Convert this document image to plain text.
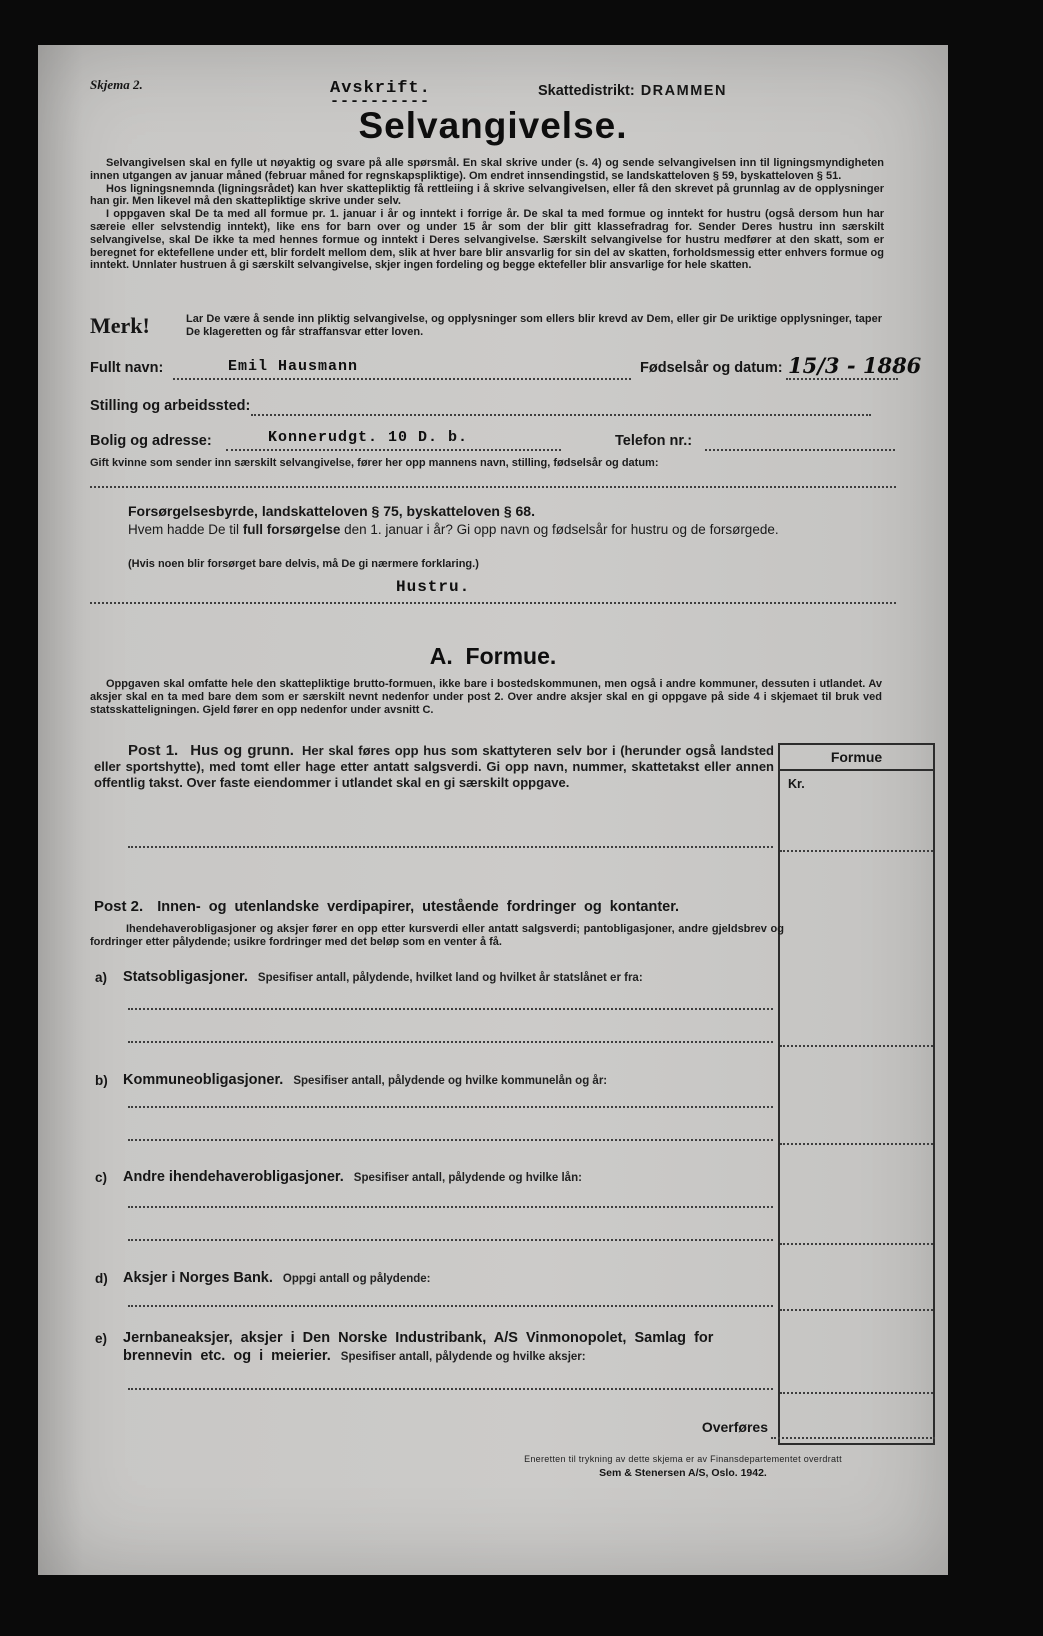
Skjema 2.	Avskrift.
----------
Skattedistrikt: DRAMMEN
Selvangivelse.

Selvangivelsen skal en fylle ut nøyaktig og svare på alle spørsmål. En skal skrive under (s. 4) og sende selvangivelsen inn til ligningsmyndigheten innen utgangen av januar måned (februar måned for regnskapspliktige). Om endret innsendingstid, se landskatteloven § 59, byskatteloven § 51.

Hos ligningsnemnda (ligningsrådet) kan hver skattepliktig få rettleiing i å skrive selvangivelsen, eller få den skrevet på grunnlag av de opplysninger han gir. Men likevel må den skattepliktige skrive under selv.

I oppgaven skal De ta med all formue pr. 1. januar i år og inntekt i forrige år. De skal ta med formue og inntekt for hustru (også dersom hun har særeie eller selvstendig inntekt), like ens for barn over og under 15 år som der blir gitt klassefradrag for. Sender Deres hustru inn særskilt selvangivelse, skal De ikke ta med hennes formue og inntekt i Deres selvangivelse. Særskilt selvangivelse for hustru medfører at den skatt, som er beregnet for ektefellene under ett, blir fordelt mellom dem, slik at hver bare blir ansvarlig for sin del av skatten, forholdsmessig etter enhvers formue og inntekt. Unnlater hustruen å gi særskilt selvangivelse, skjer ingen fordeling og begge ektefeller blir ansvarlige for hele skatten.

Merk!	Lar De være å sende inn pliktig selvangivelse, og opplysninger som ellers blir krevd av Dem, eller gir De uriktige opplysninger, taper De klageretten og får straffansvar etter loven.

Fullt navn:	Emil Hausmann	Fødselsår og datum: 15/3 - 1886
Stilling og arbeidssted:
Bolig og adresse:	Konnerudgt. 10 D. b.	Telefon nr.:
Gift kvinne som sender inn særskilt selvangivelse, fører her opp mannens navn, stilling, fødselsår og datum:
Forsørgelsesbyrde, landskatteloven § 75, byskatteloven § 68.

Hvem hadde De til full forsørgelse den 1. januar i år? Gi opp navn og fødselsår for hustru og de forsørgede.

(Hvis noen blir forsørget bare delvis, må De gi nærmere forklaring.)
Hustru.
A.  Formue.

Oppgaven skal omfatte hele den skattepliktige brutto-formuen, ikke bare i bostedskommunen, men også i andre kommuner, dessuten i utlandet. Av aksjer skal en ta med bare dem som er særskilt nevnt nedenfor under post 2. Over andre aksjer skal en gi oppgave på side 4 i skjemaet til bruk ved statsskatteligningen. Gjeld fører en opp nedenfor under avsnitt C.

Post 1. Hus og grunn. Her skal føres opp hus som skattyteren selv bor i (herunder også landsted eller sportshytte), med tomt eller hage etter antatt salgsverdi. Gi opp navn, nummer, skattetakst eller annen offentlig takst. Over faste eiendommer i utlandet skal en gi særskilt oppgave.

Formue
Kr.
Post 2. Innen- og utenlandske verdipapirer, utestående fordringer og kontanter.

Ihendehaverobligasjoner og aksjer fører en opp etter kursverdi eller antatt salgsverdi; pantobligasjoner, andre gjeldsbrev og fordringer etter pålydende; usikre fordringer med det beløp som en venter å få.

a) Statsobligasjoner. Spesifiser antall, pålydende, hvilket land og hvilket år statslånet er fra:

b) Kommuneobligasjoner. Spesifiser antall, pålydende og hvilke kommunelån og år:

c) Andre ihendehaverobligasjoner. Spesifiser antall, pålydende og hvilke lån:

d) Aksjer i Norges Bank. Oppgi antall og pålydende:

e) Jernbaneaksjer, aksjer i Den Norske Industribank, A/S Vinmonopolet, Samlag for brennevin etc. og i meierier. Spesifiser antall, pålydende og hvilke aksjer:

Overføres
Eneretten til trykning av dette skjema er av Finansdepartementet overdratt
Sem & Stenersen A/S, Oslo. 1942.
